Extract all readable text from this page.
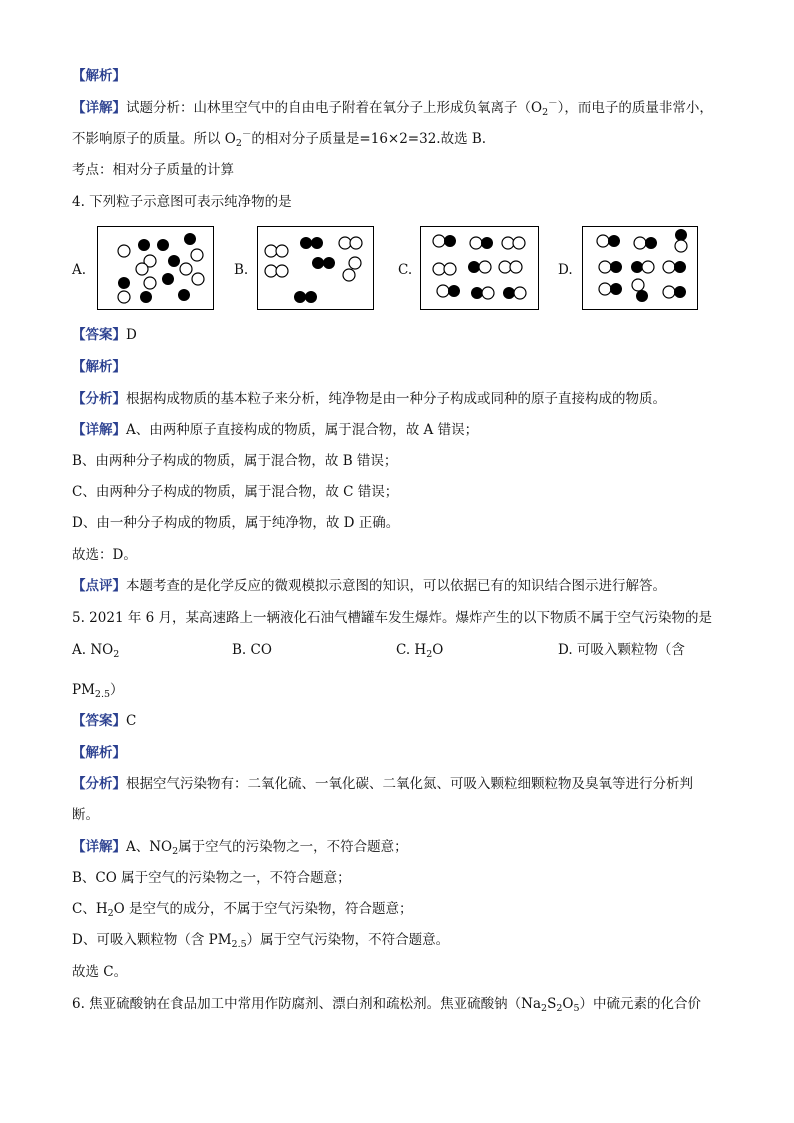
【解析】
【详解】试题分析：山林里空气中的自由电子附着在氧分子上形成负氧离子$(O_2^-)$，而电子的质量非常小，
不影响原子的质量。所以 $O_2^-$的相对分子质量是=16×2=32.故选 B.
考点：相对分子质量的计算
4. 下列粒子示意图可表示纯净物的是
A.	B.	C.	D.
【答案】D
【解析】
【分析】根据构成物质的基本粒子来分析，纯净物是由一种分子构成或同种的原子直接构成的物质。
【详解】A、由两种原子直接构成的物质，属于混合物，故 A 错误；
B、由两种分子构成的物质，属于混合物，故 B 错误；
C、由两种分子构成的物质，属于混合物，故 C 错误；
D、由一种分子构成的物质，属于纯净物，故 D 正确。
故选：D。
【点评】本题考查的是化学反应的微观模拟示意图的知识，可以依据已有的知识结合图示进行解答。
5. 2021 年 6 月，某高速路上一辆液化石油气槽罐车发生爆炸。爆炸产生的以下物质不属于空气污染物的是
A. $NO_2$	B. CO	C. $H_2O$	D. 可吸入颗粒物（含
$PM_{2.5}$）
【答案】C
【解析】
【分析】根据空气污染物有：二氧化硫、一氧化碳、二氧化氮、可吸入颗粒细颗粒物及臭氧等进行分析判
断。
【详解】A、$NO_2$属于空气的污染物之一，不符合题意；
B、CO 属于空气的污染物之一，不符合题意；
C、$H_2O$ 是空气的成分，不属于空气污染物，符合题意；
D、可吸入颗粒物（含 $PM_{2.5}$）属于空气污染物，不符合题意。
故选 C。
6. 焦亚硫酸钠在食品加工中常用作防腐剂、漂白剂和疏松剂。焦亚硫酸钠$(Na_2S_2O_5)$中硫元素的化合价
